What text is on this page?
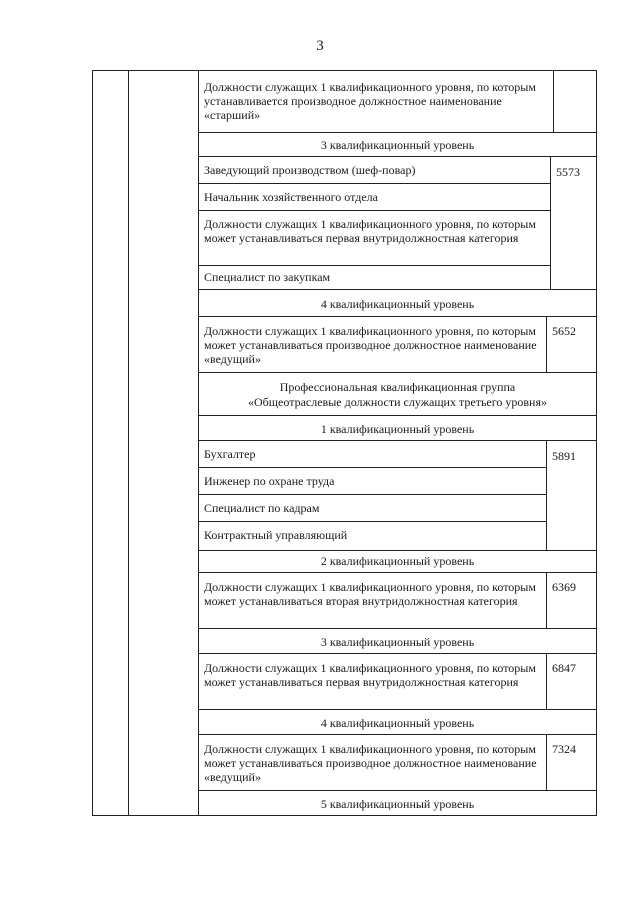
3
Должности служащих 1 квалификационного уровня, по которым устанавливается производное должностное наименование «старший»
3 квалификационный уровень
Заведующий производством (шеф-повар)
Начальник хозяйственного отдела
Должности служащих 1 квалификационного уровня, по которым может устанавливаться первая внутридолжностная категория
Специалист по закупкам
5573
4 квалификационный уровень
Должности служащих 1 квалификационного уровня, по которым может устанавливаться производное должностное наименование «ведущий»
5652
Профессиональная квалификационная группа
«Общеотраслевые должности служащих третьего уровня»
1 квалификационный уровень
Бухгалтер
Инженер по охране труда
Специалист по кадрам
Контрактный управляющий
5891
2 квалификационный уровень
Должности служащих 1 квалификационного уровня, по которым может устанавливаться вторая внутридолжностная категория
6369
3 квалификационный уровень
Должности служащих 1 квалификационного уровня, по которым может устанавливаться первая внутридолжностная категория
6847
4 квалификационный уровень
Должности служащих 1 квалификационного уровня, по которым может устанавливаться производное должностное наименование «ведущий»
7324
5 квалификационный уровень
